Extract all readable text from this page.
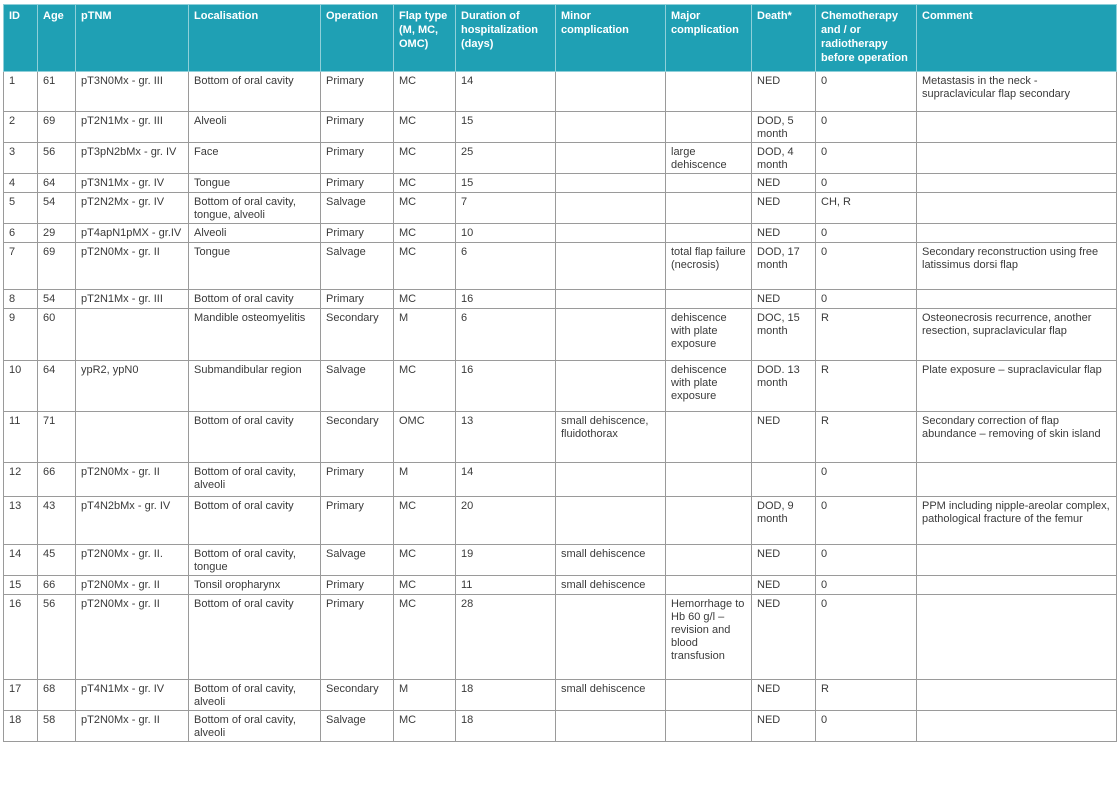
ID	Age	pTNM	Localisation	Operation	Flap type (M, MC, OMC)	Duration of hospitalization (days)	Minor complication	Major complication	Death*	Chemotherapy and / or radiotherapy before operation	Comment
1	61	pT3N0Mx - gr. III	Bottom of oral cavity	Primary	MC	14			NED	0	Metastasis in the neck - supraclavicular flap secondary
2	69	pT2N1Mx - gr. III	Alveoli	Primary	MC	15			DOD, 5 month	0	
3	56	pT3pN2bMx - gr. IV	Face	Primary	MC	25		large dehiscence	DOD, 4 month	0	
4	64	pT3N1Mx - gr. IV	Tongue	Primary	MC	15			NED	0	
5	54	pT2N2Mx - gr. IV	Bottom of oral cavity, tongue, alveoli	Salvage	MC	7			NED	CH, R	
6	29	pT4apN1pMX - gr.IV	Alveoli	Primary	MC	10			NED	0	
7	69	pT2N0Mx - gr. II	Tongue	Salvage	MC	6		total flap failure (necrosis)	DOD, 17 month	0	Secondary reconstruction using free latissimus dorsi flap
8	54	pT2N1Mx - gr. III	Bottom of oral cavity	Primary	MC	16			NED	0	
9	60		Mandible osteomyelitis	Secondary	M	6		dehiscence with plate exposure	DOC, 15 month	R	Osteonecrosis recurrence, another resection, supraclavicular flap
10	64	ypR2, ypN0	Submandibular region	Salvage	MC	16		dehiscence with plate exposure	DOD. 13 month	R	Plate exposure – supraclavicular flap
11	71		Bottom of oral cavity	Secondary	OMC	13	small dehiscence, fluidothorax		NED	R	Secondary correction of flap abundance – removing of skin island
12	66	pT2N0Mx - gr. II	Bottom of oral cavity, alveoli	Primary	M	14				0	
13	43	pT4N2bMx - gr. IV	Bottom of oral cavity	Primary	MC	20			DOD, 9 month	0	PPM including nipple-areolar complex, pathological fracture of the femur
14	45	pT2N0Mx - gr. II.	Bottom of oral cavity, tongue	Salvage	MC	19	small dehiscence		NED	0	
15	66	pT2N0Mx - gr. II	Tonsil oropharynx	Primary	MC	11	small dehiscence		NED	0	
16	56	pT2N0Mx - gr. II	Bottom of oral cavity	Primary	MC	28		Hemorrhage to Hb 60 g/l – revision and blood transfusion	NED	0	
17	68	pT4N1Mx - gr. IV	Bottom of oral cavity, alveoli	Secondary	M	18	small dehiscence		NED	R	
18	58	pT2N0Mx - gr. II	Bottom of oral cavity, alveoli	Salvage	MC	18			NED	0	
